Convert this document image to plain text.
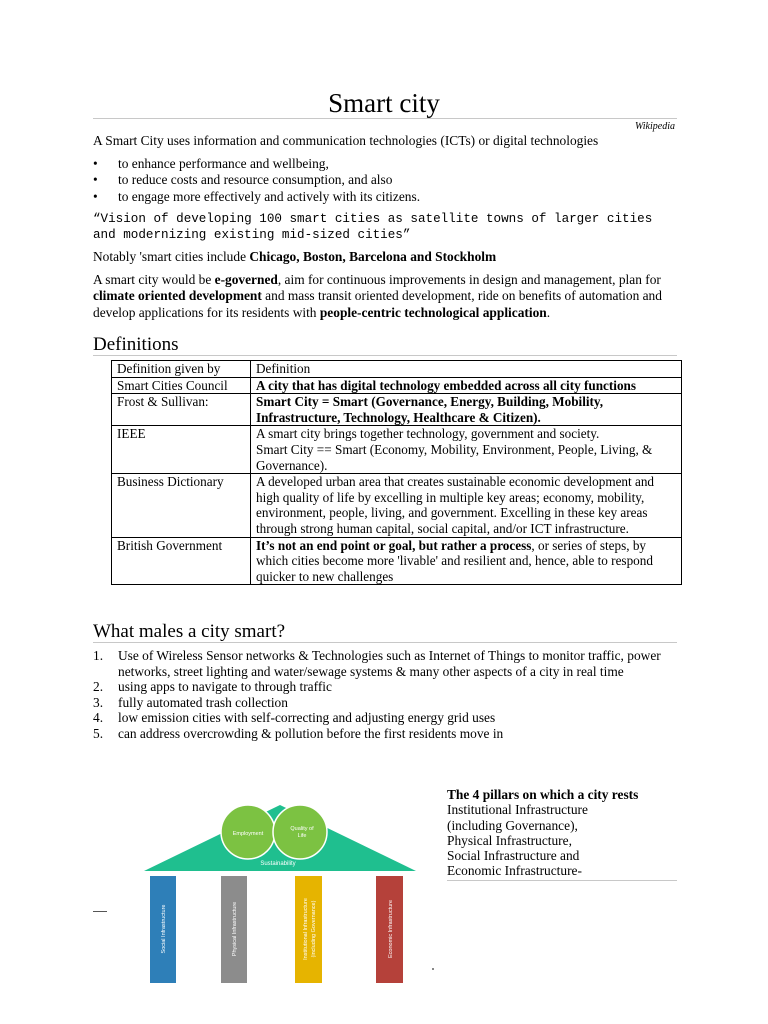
Smart city
Wikipedia
A Smart City uses information and communication technologies (ICTs) or digital technologies
• to enhance performance and wellbeing,
• to reduce costs and resource consumption, and also
• to engage more effectively and actively with its citizens.
“Vision of developing 100 smart cities as satellite towns of larger cities and modernizing existing mid-sized cities”
Notably 'smart cities include Chicago, Boston, Barcelona and Stockholm
A smart city would be e-governed, aim for continuous improvements in design and management, plan for climate oriented development and mass transit oriented development, ride on benefits of automation and develop applications for its residents with people-centric technological application.
Definitions
Definition given by	Definition
Smart Cities Council	A city that has digital technology embedded across all city functions
Frost & Sullivan:	Smart City = Smart (Governance, Energy, Building, Mobility, Infrastructure, Technology, Healthcare & Citizen).
IEEE	A smart city brings together technology, government and society.
Smart City == Smart (Economy, Mobility, Environment, People, Living, & Governance).

Business Dictionary	A developed urban area that creates sustainable economic development and high quality of life by excelling in multiple key areas; economy, mobility, environment, people, living, and government. Excelling in these key areas through strong human capital, social capital, and/or ICT infrastructure.
British Government	It’s not an end point or goal, but rather a process, or series of steps, by which cities become more 'livable' and resilient and, hence, able to respond quicker to new challenges
What males a city smart?
1. Use of Wireless Sensor networks & Technologies such as Internet of Things to monitor traffic, power networks, street lighting and water/sewage systems & many other aspects of a city in real time
2. using apps to navigate to through traffic
3. fully automated trash collection
4. low emission cities with self-correcting and adjusting energy grid uses
5. can address overcrowding & pollution before the first residents move in
The 4 pillars on which a city rests
Institutional Infrastructure
(including Governance),
Physical Infrastructure,
Social Infrastructure and
Economic Infrastructure-
Employment
Quality of
Life
Sustainability
Social Infrastructure	Physical Infrastructure	Institutional Infrastructure (including Governance)	Economic Infrastructure
